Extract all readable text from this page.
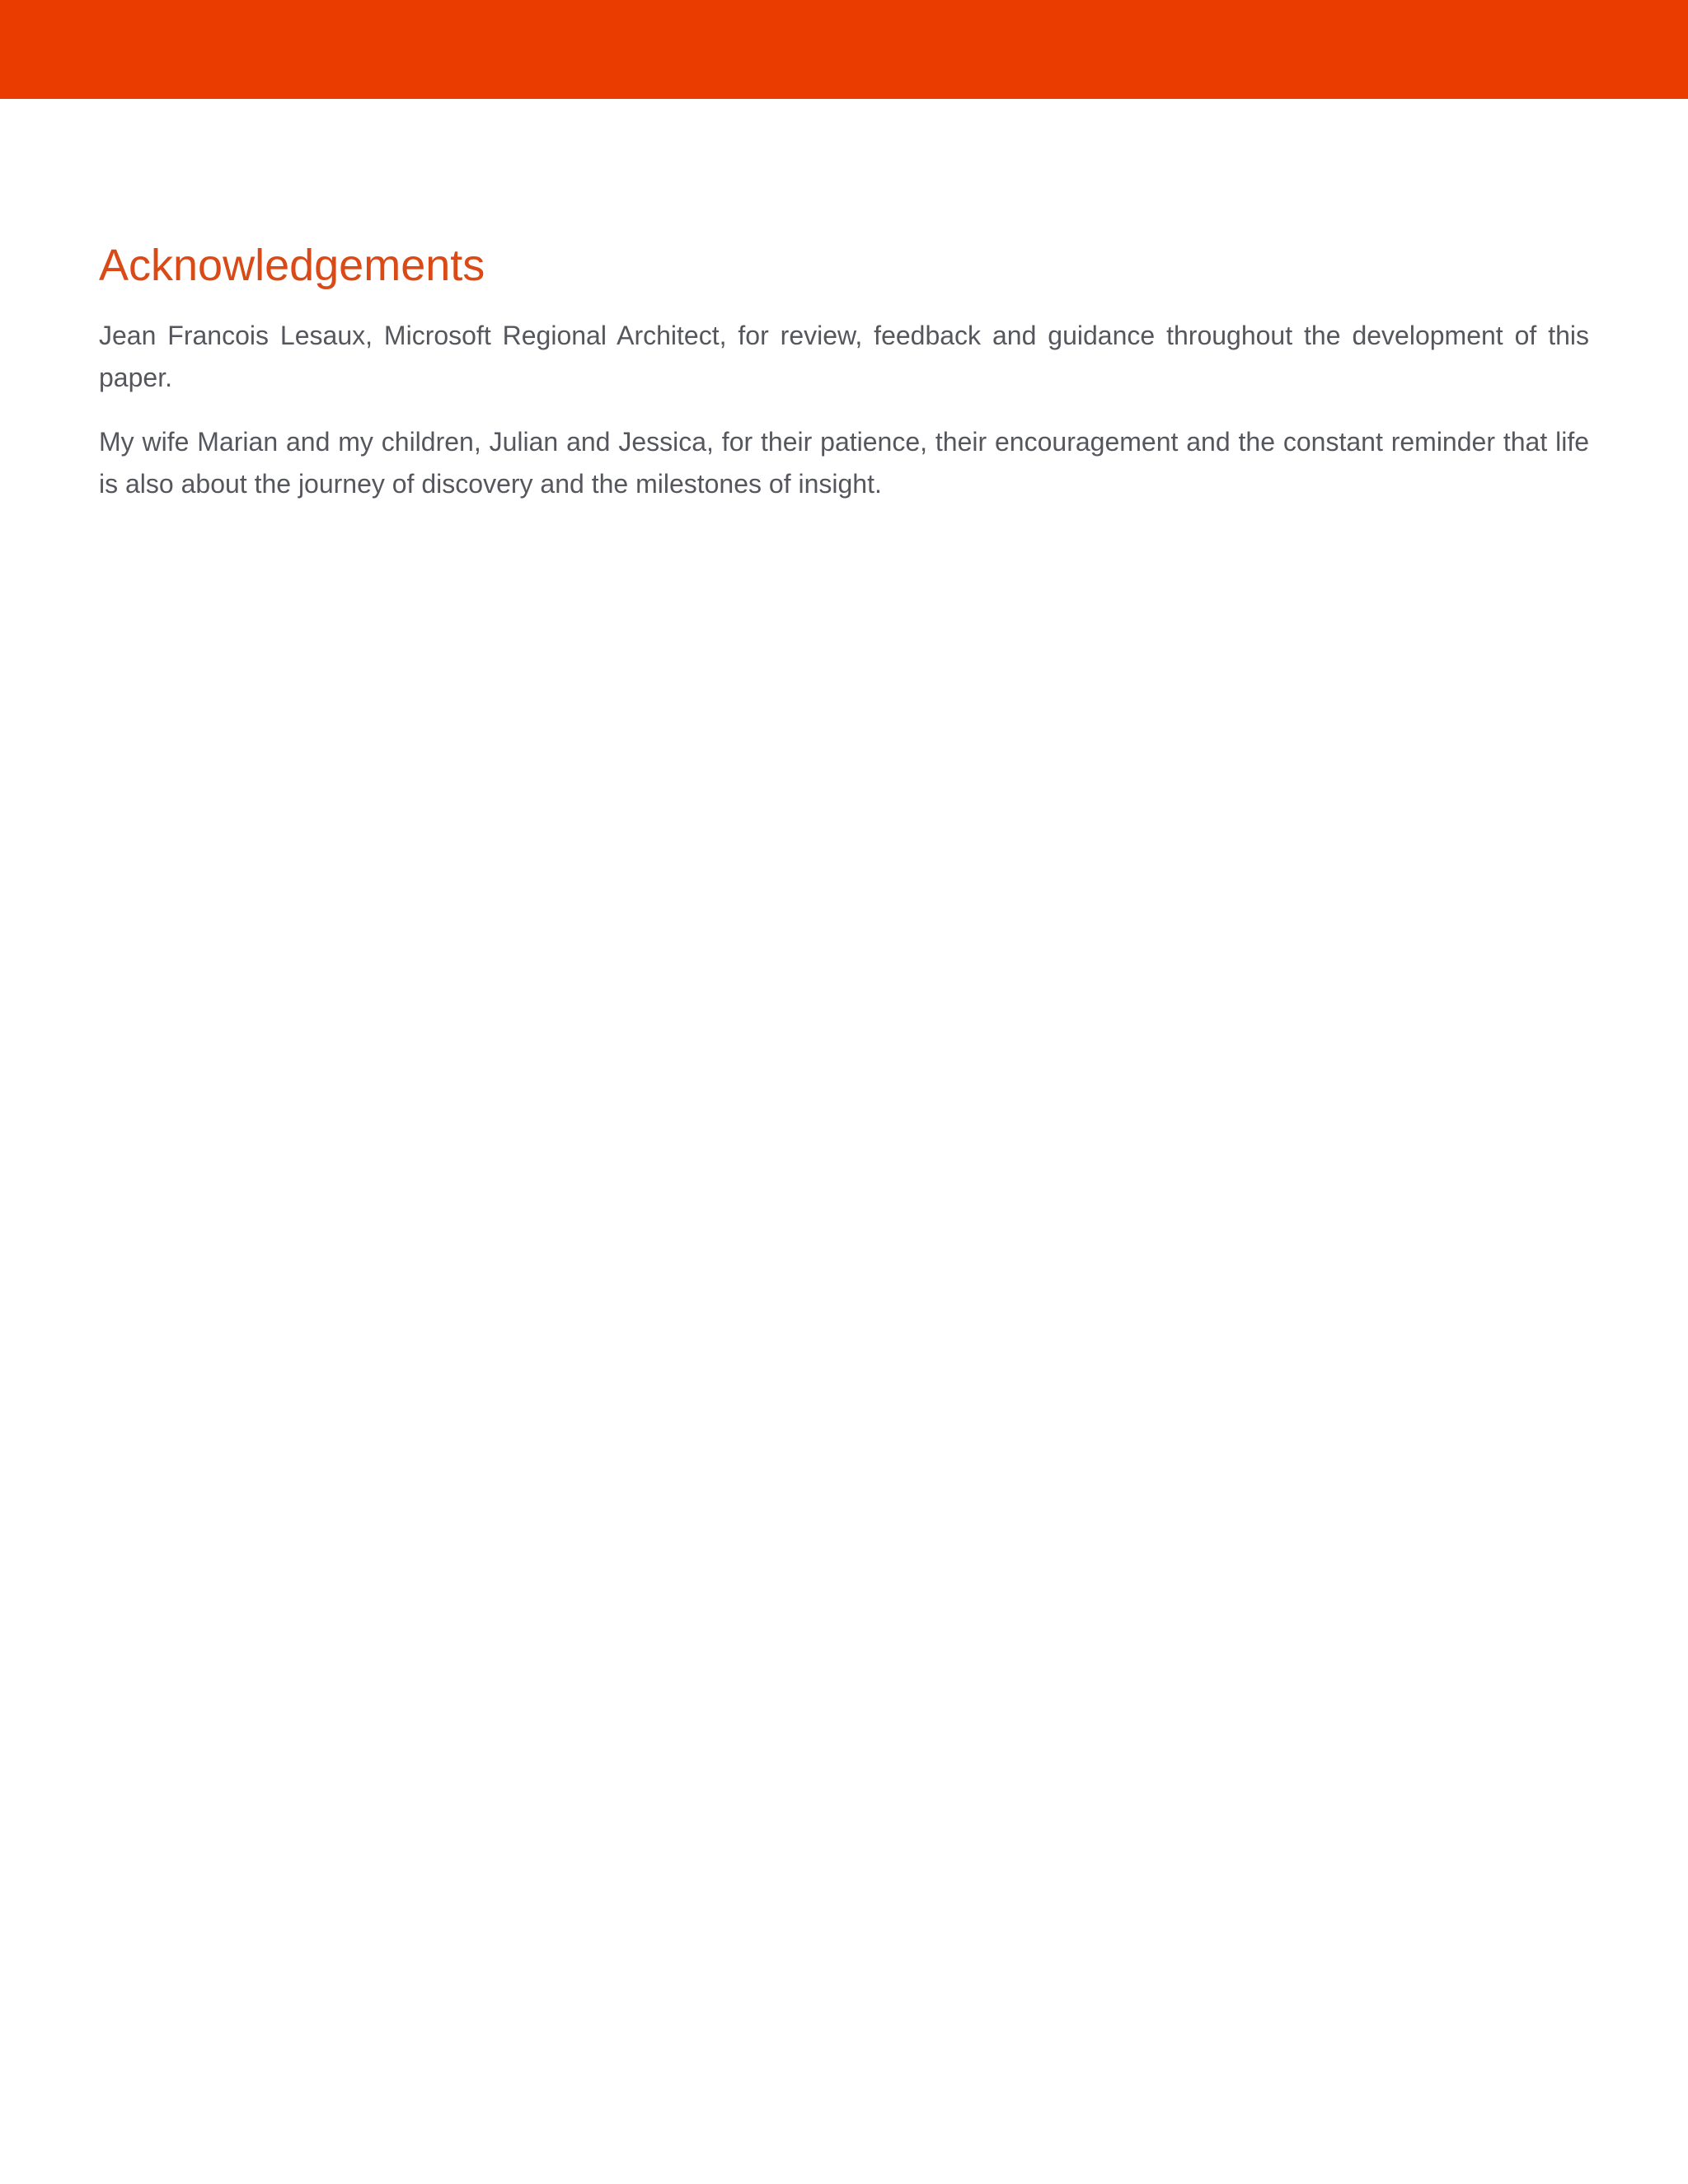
Acknowledgements

Jean Francois Lesaux, Microsoft Regional Architect, for review, feedback and guidance throughout the development of this paper.

My wife Marian and my children, Julian and Jessica, for their patience, their encouragement and the constant reminder that life is also about the journey of discovery and the milestones of insight.
